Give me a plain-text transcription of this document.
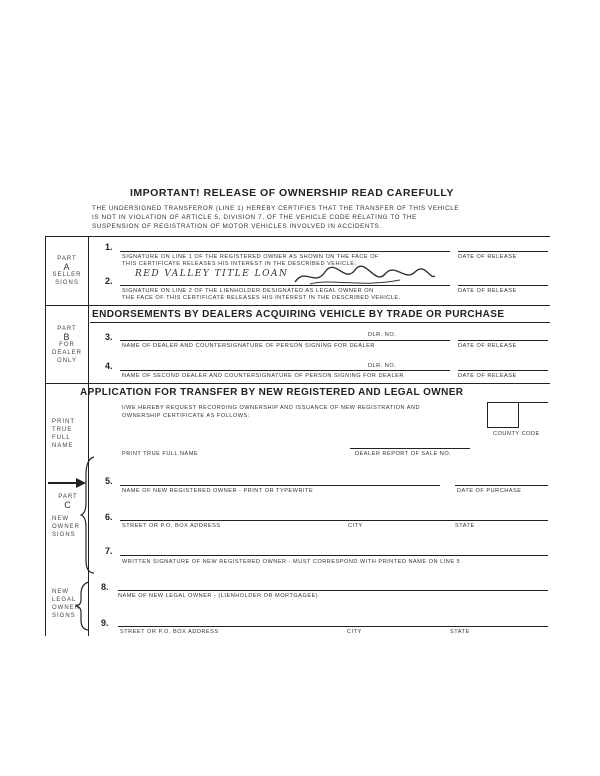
IMPORTANT! RELEASE OF OWNERSHIP READ CAREFULLY
THE UNDERSIGNED TRANSFEROR (LINE 1) HEREBY CERTIFIES THAT THE TRANSFER OF THIS VEHICLE
IS NOT IN VIOLATION OF ARTICLE 5, DIVISION 7, OF THE VEHICLE CODE RELATING TO THE
SUSPENSION OF REGISTRATION OF MOTOR VEHICLES INVOLVED IN ACCIDENTS.
PART
A
SELLER
SIGNS
1.
SIGNATURE ON LINE 1 OF THE REGISTERED OWNER AS SHOWN ON THE FACE OF
THIS CERTIFICATE RELEASES HIS INTEREST IN THE DESCRIBED VEHICLE.
DATE OF RELEASE
RED VALLEY TITLE LOAN
2.
SIGNATURE ON LINE 2 OF THE LIENHOLDER DESIGNATED AS LEGAL OWNER ON
THE FACE OF THIS CERTIFICATE RELEASES HIS INTEREST IN THE DESCRIBED VEHICLE.
DATE OF RELEASE
ENDORSEMENTS BY DEALERS ACQUIRING VEHICLE BY TRADE OR PURCHASE
PART
B
FOR
DEALER
ONLY
3.	DLR. NO.
NAME OF DEALER AND COUNTERSIGNATURE OF PERSON SIGNING FOR DEALER	DATE OF RELEASE
4.	DLR. NO.
NAME OF SECOND DEALER AND COUNTERSIGNATURE OF PERSON SIGNING FOR DEALER	DATE OF RELEASE
APPLICATION FOR TRANSFER BY NEW REGISTERED AND LEGAL OWNER
I/WE HEREBY REQUEST RECORDING OWNERSHIP AND ISSUANCE OF NEW REGISTRATION AND
OWNERSHIP CERTIFICATE AS FOLLOWS:
COUNTY CODE
PRINT
TRUE
FULL
NAME
PRINT TRUE FULL NAME	DEALER REPORT OF SALE NO.
PART
C
NEW
OWNER
SIGNS
5.
NAME OF NEW REGISTERED OWNER - PRINT OR TYPEWRITE	DATE OF PURCHASE
6.
STREET OR P.O. BOX ADDRESS	CITY	STATE
7.
WRITTEN SIGNATURE OF NEW REGISTERED OWNER - MUST CORRESPOND WITH PRINTED NAME ON LINE 5
NEW
LEGAL
OWNER
SIGNS
8.
NAME OF NEW LEGAL OWNER - (LIENHOLDER OR MORTGAGEE)
9.
STREET OR P.O. BOX ADDRESS	CITY	STATE
